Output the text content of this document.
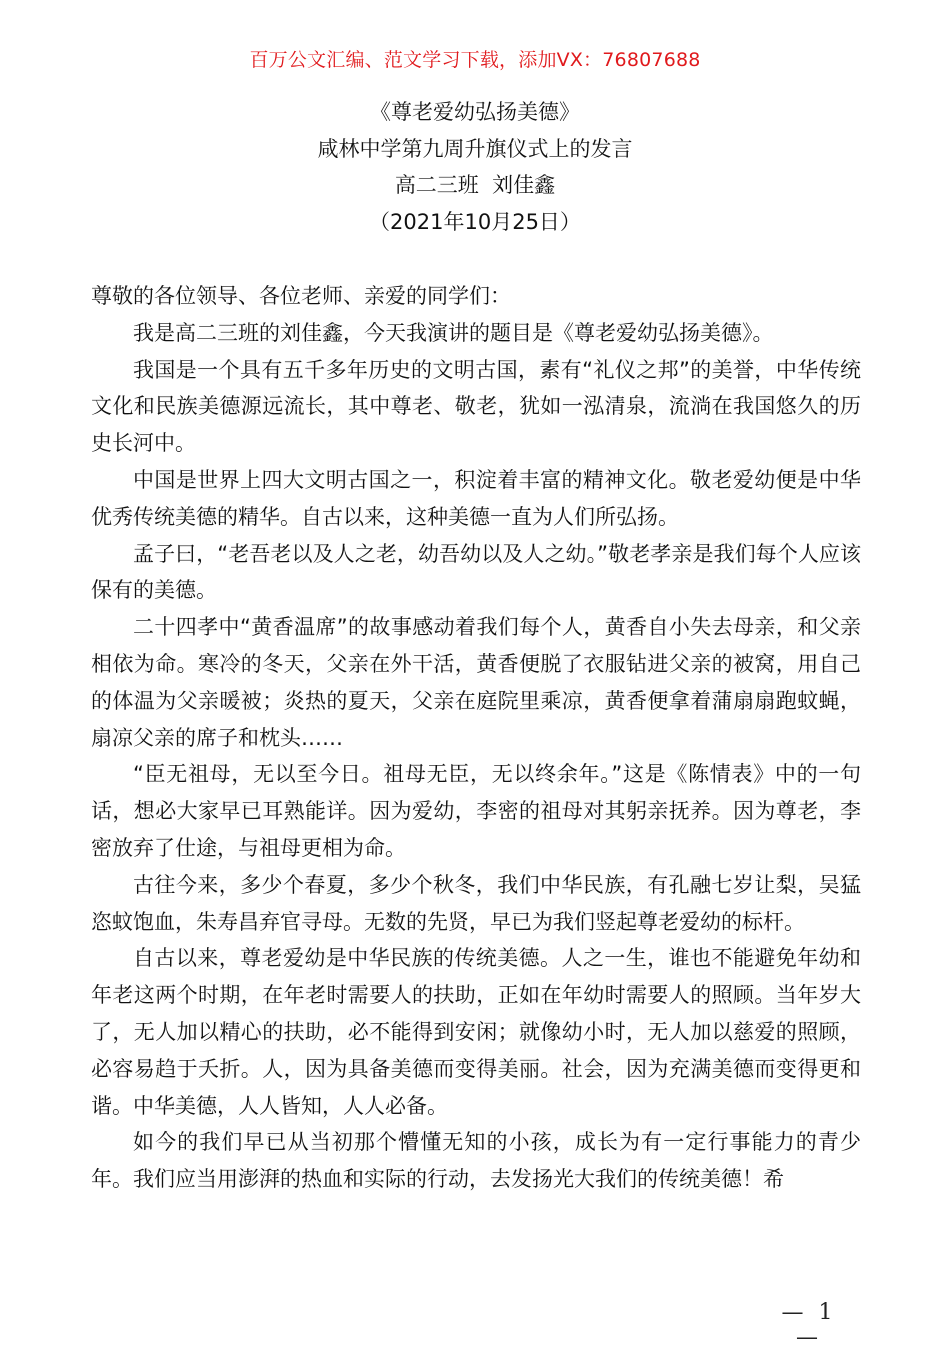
百万公文汇编、范文学习下载，添加VX：76807688
《尊老爱幼弘扬美德》
咸林中学第九周升旗仪式上的发言
高二三班  刘佳鑫
（2021年10月25日）

尊敬的各位领导、各位老师、亲爱的同学们：

我是高二三班的刘佳鑫，今天我演讲的题目是《尊老爱幼弘扬美德》。

我国是一个具有五千多年历史的文明古国，素有“礼仪之邦”的美誉，中华传统文化和民族美德源远流长，其中尊老、敬老，犹如一泓清泉，流淌在我国悠久的历史长河中。

中国是世界上四大文明古国之一，积淀着丰富的精神文化。敬老爱幼便是中华优秀传统美德的精华。自古以来，这种美德一直为人们所弘扬。

孟子曰，“老吾老以及人之老，幼吾幼以及人之幼。”敬老孝亲是我们每个人应该保有的美德。

二十四孝中“黄香温席”的故事感动着我们每个人，黄香自小失去母亲，和父亲相依为命。寒冷的冬天，父亲在外干活，黄香便脱了衣服钻进父亲的被窝，用自己的体温为父亲暖被；炎热的夏天，父亲在庭院里乘凉，黄香便拿着蒲扇扇跑蚊蝇，扇凉父亲的席子和枕头……

“臣无祖母，无以至今日。祖母无臣，无以终余年。”这是《陈情表》中的一句话，想必大家早已耳熟能详。因为爱幼，李密的祖母对其躬亲抚养。因为尊老，李密放弃了仕途，与祖母更相为命。

古往今来，多少个春夏，多少个秋冬，我们中华民族，有孔融七岁让梨，吴猛恣蚊饱血，朱寿昌弃官寻母。无数的先贤，早已为我们竖起尊老爱幼的标杆。

自古以来，尊老爱幼是中华民族的传统美德。人之一生，谁也不能避免年幼和年老这两个时期，在年老时需要人的扶助，正如在年幼时需要人的照顾。当年岁大了，无人加以精心的扶助，必不能得到安闲；就像幼小时，无人加以慈爱的照顾，必容易趋于夭折。人，因为具备美德而变得美丽。社会，因为充满美德而变得更和谐。中华美德，人人皆知，人人必备。

如今的我们早已从当初那个懵懂无知的小孩，成长为有一定行事能力的青少年。我们应当用澎湃的热血和实际的行动，去发扬光大我们的传统美德！希

— 1 —
